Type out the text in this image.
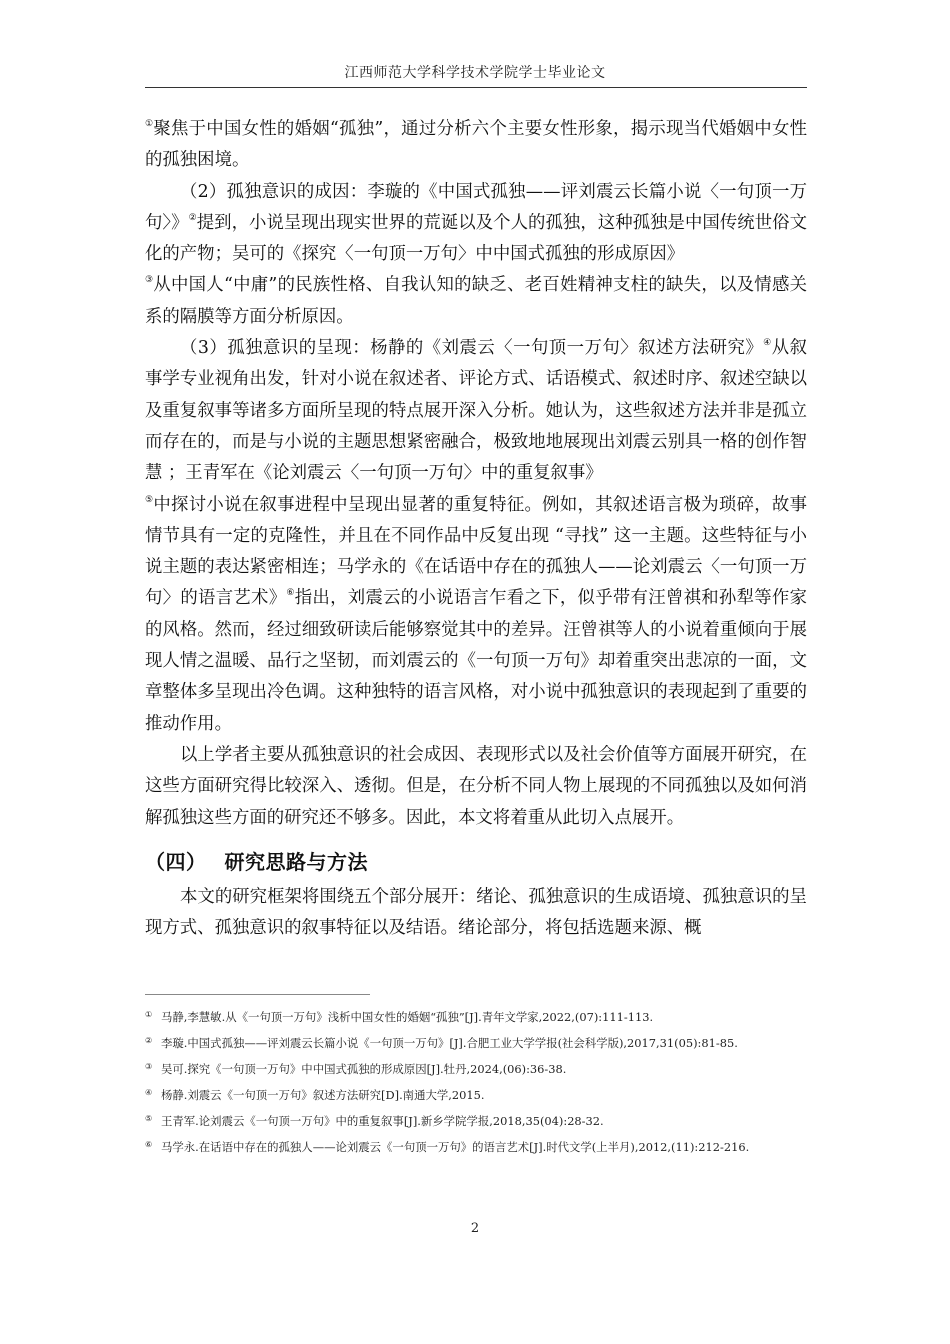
江西师范大学科学技术学院学士毕业论文

①聚焦于中国女性的婚姻“孤独”，通过分析六个主要女性形象，揭示现当代婚姻中女性的孤独困境。

（2）孤独意识的成因：李璇的《中国式孤独——评刘震云长篇小说〈一句顶一万句〉》②提到，小说呈现出现实世界的荒诞以及个人的孤独，这种孤独是中国传统世俗文化的产物；吴可的《探究〈一句顶一万句〉中中国式孤独的形成原因》
③从中国人“中庸”的民族性格、自我认知的缺乏、老百姓精神支柱的缺失，以及情感关系的隔膜等方面分析原因。

（3）孤独意识的呈现：杨静的《刘震云〈一句顶一万句〉叙述方法研究》④从叙事学专业视角出发，针对小说在叙述者、评论方式、话语模式、叙述时序、叙述空缺以及重复叙事等诸多方面所呈现的特点展开深入分析。她认为，这些叙述方法并非是孤立而存在的，而是与小说的主题思想紧密融合，极致地地展现出刘震云别具一格的创作智慧 ；王青军在《论刘震云〈一句顶一万句〉中的重复叙事》
⑤中探讨小说在叙事进程中呈现出显著的重复特征。例如，其叙述语言极为琐碎，故事情节具有一定的克隆性，并且在不同作品中反复出现 “寻找” 这一主题。这些特征与小说主题的表达紧密相连；马学永的《在话语中存在的孤独人——论刘震云〈一句顶一万句〉的语言艺术》⑥指出，刘震云的小说语言乍看之下，似乎带有汪曾祺和孙犁等作家的风格。然而，经过细致研读后能够察觉其中的差异。汪曾祺等人的小说着重倾向于展现人情之温暖、品行之坚韧，而刘震云的《一句顶一万句》却着重突出悲凉的一面，文章整体多呈现出冷色调。这种独特的语言风格，对小说中孤独意识的表现起到了重要的推动作用。

以上学者主要从孤独意识的社会成因、表现形式以及社会价值等方面展开研究，在这些方面研究得比较深入、透彻。但是，在分析不同人物上展现的不同孤独以及如何消解孤独这些方面的研究还不够多。因此，本文将着重从此切入点展开。

（四） 研究思路与方法

本文的研究框架将围绕五个部分展开：绪论、孤独意识的生成语境、孤独意识的呈现方式、孤独意识的叙事特征以及结语。绪论部分，将包括选题来源、概

① 马静,李慧敏.从《一句顶一万句》浅析中国女性的婚姻“孤独”[J].青年文学家,2022,(07):111-113.

② 李璇.中国式孤独——评刘震云长篇小说《一句顶一万句》[J].合肥工业大学学报(社会科学版),2017,31(05):81-85.

③ 吴可.探究《一句顶一万句》中中国式孤独的形成原因[J].牡丹,2024,(06):36-38.

④ 杨静.刘震云《一句顶一万句》叙述方法研究[D].南通大学,2015.

⑤ 王青军.论刘震云《一句顶一万句》中的重复叙事[J].新乡学院学报,2018,35(04):28-32.

⑥ 马学永.在话语中存在的孤独人——论刘震云《一句顶一万句》的语言艺术[J].时代文学(上半月),2012,(11):212-216.

2
